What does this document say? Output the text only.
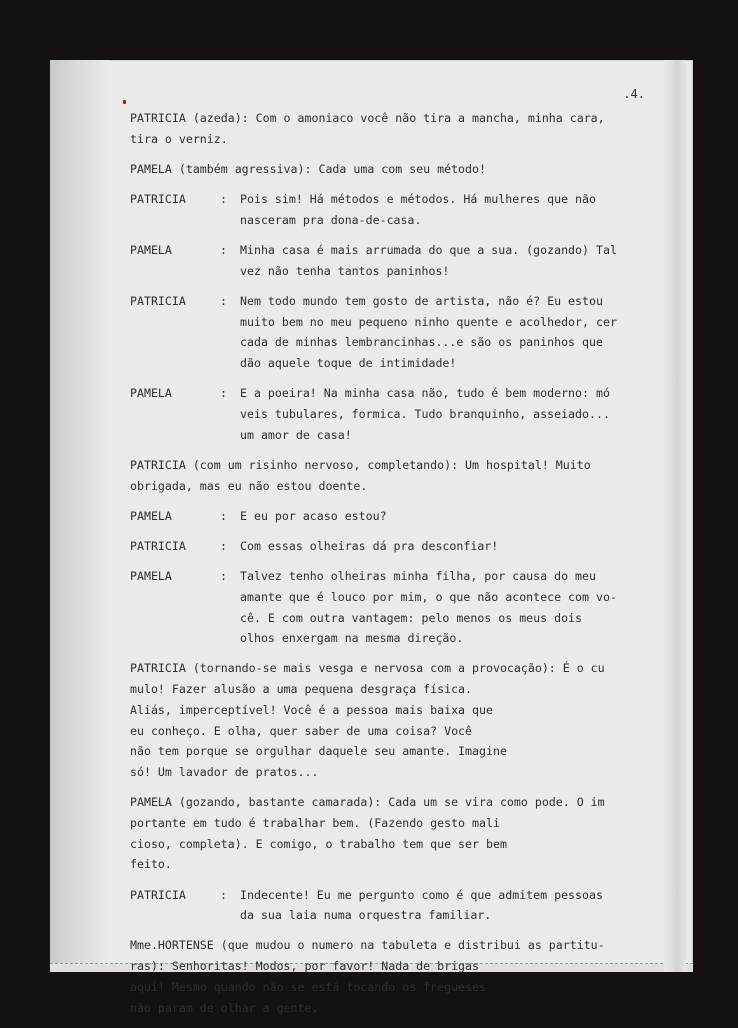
.4.
PATRICIA (azeda): Com o amoniaco você não tira a mancha, minha cara,
tira o verniz.
PAMELA (também agressiva): Cada uma com seu método!
PATRICIA	:	Pois sim! Há métodos e métodos. Há mulheres que não
nasceram pra dona-de-casa.
PAMELA	:	Minha casa é mais arrumada do que a sua. (gozando) Tal
vez não tenha tantos paninhos!
PATRICIA	:	Nem todo mundo tem gosto de artista, não é? Eu estou
muito bem no meu pequeno ninho quente e acolhedor, cer
cada de minhas lembrancinhas...e são os paninhos que
dão aquele toque de intimidade!
PAMELA	:	E a poeira! Na minha casa não, tudo é bem moderno: mó
veis tubulares, formica. Tudo branquinho, asseiado...
um amor de casa!
PATRICIA (com um risinho nervoso, completando): Um hospital! Muito
obrigada, mas eu não estou doente.
PAMELA	:	E eu por acaso estou?
PATRICIA	:	Com essas olheiras dá pra desconfiar!
PAMELA	:	Talvez tenho olheiras minha filha, por causa do meu
amante que é louco por mim, o que não acontece com vo-
cê. E com outra vantagem: pelo menos os meus dois
olhos enxergam na mesma direção.
PATRICIA (tornando-se mais vesga e nervosa com a provocação): É o cu
mulo! Fazer alusão a uma pequena desgraça física.
Aliás, imperceptível! Você é a pessoa mais baixa que
eu conheço. E olha, quer saber de uma coisa? Você
não tem porque se orgulhar daquele seu amante. Imagine
só! Um lavador de pratos...
PAMELA (gozando, bastante camarada): Cada um se vira como pode. O im
portante em tudo é trabalhar bem. (Fazendo gesto mali
cioso, completa). E comigo, o trabalho tem que ser bem
feito.
PATRICIA	:	Indecente! Eu me pergunto como é que admitem pessoas
da sua laia numa orquestra familiar.
Mme.HORTENSE (que mudou o numero na tabuleta e distribui as partitu-
ras): Senhoritas! Modos, por favor! Nada de brigas
aqui! Mesmo quando não se está tocando os fregueses
não param de olhar a gente.
